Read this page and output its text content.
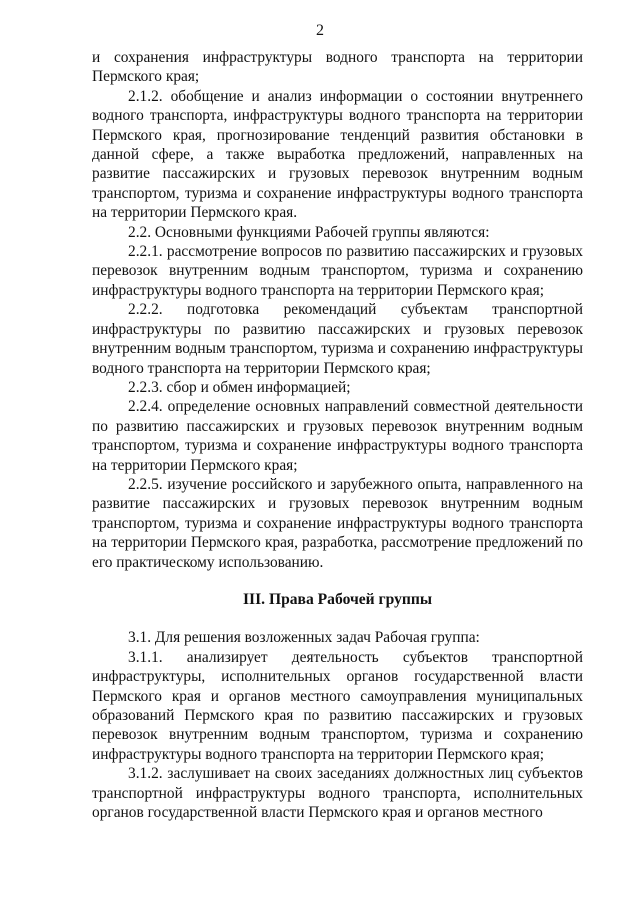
2

и сохранения инфраструктуры водного транспорта на территории Пермского края;

2.1.2. обобщение и анализ информации о состоянии внутреннего водного транспорта, инфраструктуры водного транспорта на территории Пермского края, прогнозирование тенденций развития обстановки в данной сфере, а также выработка предложений, направленных на развитие пассажирских и грузовых перевозок внутренним водным транспортом, туризма и сохранение инфраструктуры водного транспорта на территории Пермского края.

2.2. Основными функциями Рабочей группы являются:

2.2.1. рассмотрение вопросов по развитию пассажирских и грузовых перевозок внутренним водным транспортом, туризма и сохранению инфраструктуры водного транспорта на территории Пермского края;

2.2.2. подготовка рекомендаций субъектам транспортной инфраструктуры по развитию пассажирских и грузовых перевозок внутренним водным транспортом, туризма и сохранению инфраструктуры водного транспорта на территории Пермского края;

2.2.3. сбор и обмен информацией;

2.2.4. определение основных направлений совместной деятельности по развитию пассажирских и грузовых перевозок внутренним водным транспортом, туризма и сохранение инфраструктуры водного транспорта на территории Пермского края;

2.2.5. изучение российского и зарубежного опыта, направленного на развитие пассажирских и грузовых перевозок внутренним водным транспортом, туризма и сохранение инфраструктуры водного транспорта на территории Пермского края, разработка, рассмотрение предложений по его практическому использованию.

III. Права Рабочей группы

3.1. Для решения возложенных задач Рабочая группа:

3.1.1. анализирует деятельность субъектов транспортной инфраструктуры, исполнительных органов государственной власти Пермского края и органов местного самоуправления муниципальных образований Пермского края по развитию пассажирских и грузовых перевозок внутренним водным транспортом, туризма и сохранению инфраструктуры водного транспорта на территории Пермского края;

3.1.2. заслушивает на своих заседаниях должностных лиц субъектов транспортной инфраструктуры водного транспорта, исполнительных органов государственной власти Пермского края и органов местного
